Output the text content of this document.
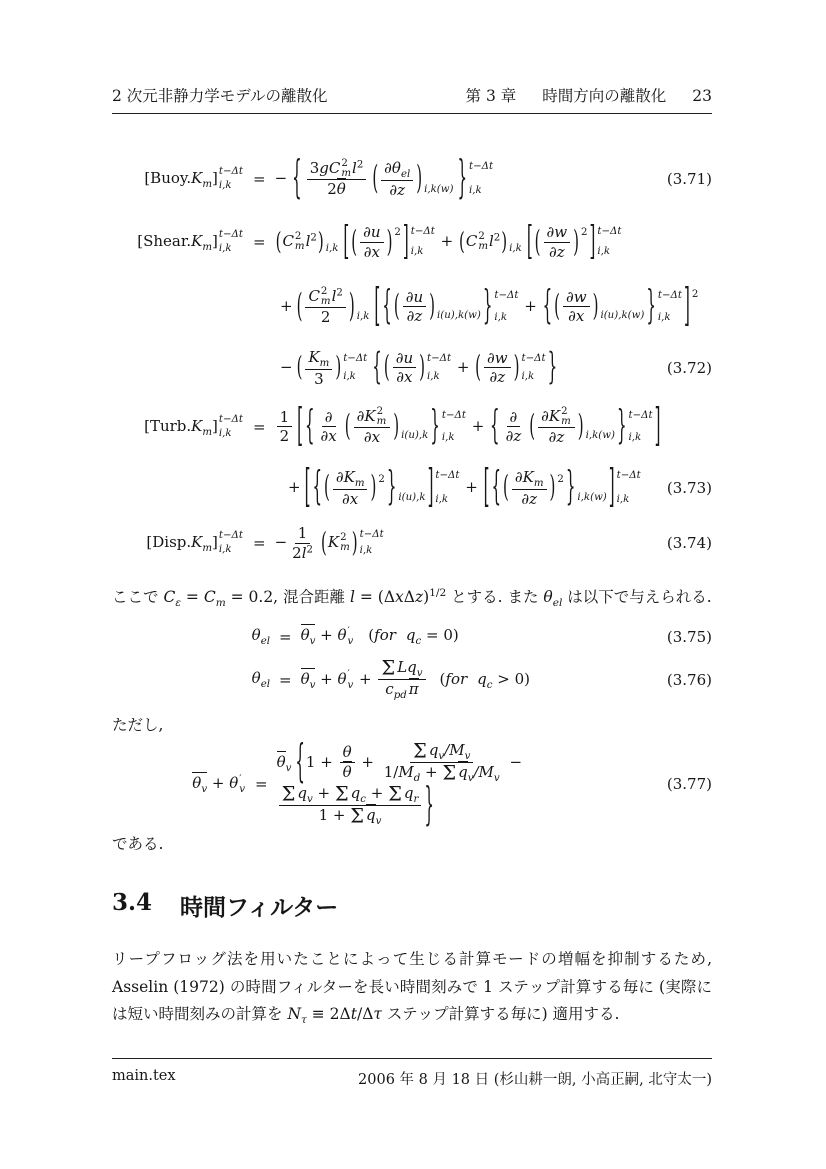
2 次元非静力学モデルの離散化	第 3 章 時間方向の離散化 23
$[Buoy.K_m]$ t−Δt
i,k	= − { 3gC 2
m $l^2$
2θ ( $\partial\theta_{el}$
∂z ) i,k(w) } t−Δt
i,k
(3.71)
$[Shear.K_m]$ t−Δt
i,k	= (C 2
m $l^2$) i,k [ ( $\frac{\partial u}{\partial x}$ ) 2 ] t−Δt
i,k
+ (C 2
m $l^2$) i,k [ ( $\frac{\partial w}{\partial z}$ ) 2 ] t−Δt
i,k
+ ( C 2
m $l^2$
2 ) i,k [ { ( $\frac{\partial u}{\partial z}$ ) i(u),k(w) } t−Δt
i,k
+ { ( $\frac{\partial w}{\partial x}$ ) i(u),k(w) } t−Δt
i,k ] 2
− ( $\frac{K_m}{3}$ ) t−Δt
i,k	{ ( $\frac{\partial u}{\partial x}$ ) t−Δt
i,k
+ ( $\frac{\partial w}{\partial z}$ ) t−Δt
i,k }	(3.72)
$[Turb.K_m]$ t−Δt
i,k	= $\frac{1}{2}$ [ { ∂
∂x ( ∂K 2
m
∂x ) i(u),k } t−Δt
i,k
+ { ∂
∂z ( ∂K 2
m
∂z ) i,k(w) } t−Δt
i,k ]
+ [ { ( $\frac{\partial K_m}{\partial x}$ ) 2 } i(u),k ] t−Δt
i,k
+ [ { ( $\frac{\partial K_m}{\partial z}$ ) 2 } i,k(w) ] t−Δt
i,k
(3.73)
$[Disp.K_m]$ t−Δt
i,k	= − $\frac{1}{2l^2} (K$ 2
m ) t−Δt
i,k	(3.74)
ここで $C_\varepsilon = C_m = 0.2$, 混合距離 $l = (\Delta x\Delta z)^{1/2}$ とする. また $\theta_{el}$ は以下で与えられる.
$\theta_{el} = \theta_v + \theta$ ′
v (for $q_c = 0$)	(3.75)
$\theta_{el} = \theta_v + \theta$ ′
v + Σ $Lq_v$
$c_{pd}$ π
(for $q_c > 0$)	(3.76)
ただし,
$\theta_v + \theta$ ′
v =
$\theta_v$ {$1 + \frac{\theta}{\theta} + \Sigma$ $q_v/M_v$
$1/M_d + \Sigma$ $q_v/M_v$
−
Σ $q_v + \Sigma$ $q_c + \Sigma$ $q_r$
1 + Σ $q_v$	}	(3.77)
である.
3.4 時間フィルター
リープフロッグ法を用いたことによって生じる計算モードの増幅を抑制するため, Asselin (1972) の時間フィルターを長い時間刻みで 1 ステップ計算する毎に (実際には短い時間刻みの計算を $N_\tau \equiv 2\Delta t/\Delta\tau$ ステップ計算する毎に) 適用する.
main.tex	2006 年 8 月 18 日 (杉山耕一朗, 小高正嗣, 北守太一)
